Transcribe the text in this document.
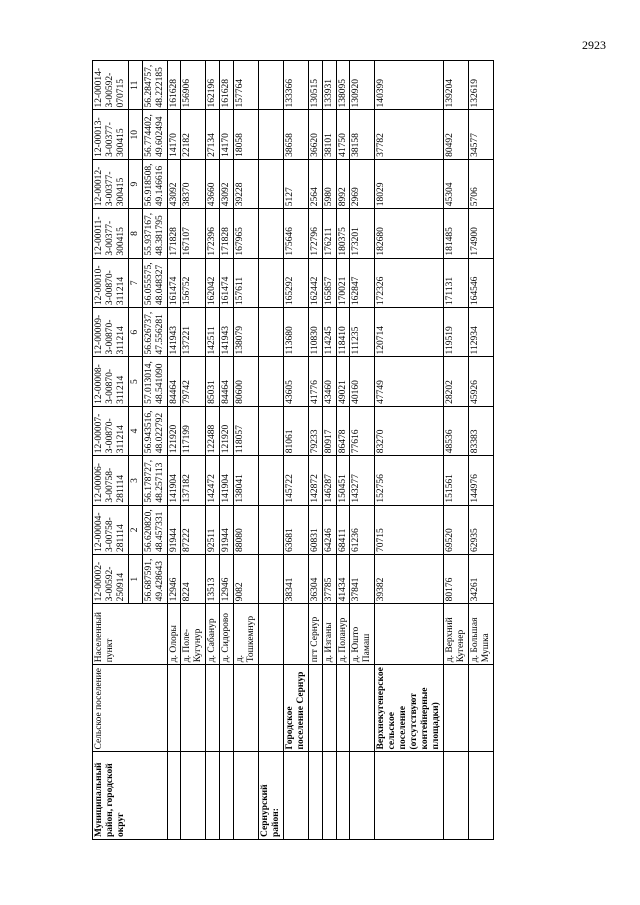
2923
Муниципальный район, городской округ	Сельское поселение	Населенный пункт	12-00002-З-00592-250914	12-00004-З-00758-281114	12-00006-З-00758-281114	12-00007-З-00870-311214	12-00008-З-00870-311214	12-00009-З-00870-311214	12-00010-З-00870-311214	12-00011-З-00377-300415	12-00012-З-00377-300415	12-00013-З-00377-300415	12-00014-З-00592-070715
			1	2	3	4	5	6	7	8	9	10	11
			56.687591, 49.428643	56.620820, 48.457331	56.178727, 48.257113	56.943516, 48.022792	57.013014, 48.541090	56.626737, 47.556281	56.055575, 48.048327	55.937167, 48.381795	56.918508, 49.146616	56.774402, 49.602494	56.284757, 48.222185
		д. Олоры	12946	91944	141904	121920	84464	141943	161474	171828	43092	14170	161628
		д. Поле-Кугунур	8224	87222	137182	117199	79742	137221	156752	167107	38370	22182	156906
		д. Сабанур	13513	92511	142472	122488	85031	142511	162042	172396	43660	27134	162196
		д. Сидорово	12946	91944	141904	121920	84464	141943	161474	171828	43092	14170	161628
		д. Тошкемнур	9082	88080	138041	118057	80600	138079	157611	167965	39228	18058	157764
Сернурский район:													
	Городское поселение Сернур		38341	63681	145722	81061	43605	113680	165292	175646	5127	38658	133366
		пгт Сернур	36304	60831	142872	79233	41776	110830	162442	172796	2564	36620	130515
		д. Изганы	37785	64246	146287	80917	43460	114245	165857	176211	5980	38101	133931
		д. Поланур	41434	68411	150451	86478	49021	118410	170021	180375	8992	41750	138095
		д. Юшто Памаш	37841	61236	143277	77616	40160	111235	162847	173201	2969	38158	130920
	Верхнекугенерское сельское поселение (отсутствуют контейнерные площадки)		39382	70715	152756	83270	47749	120714	172326	182680	18029	37782	140399
		д. Верхний Кугенер	80176	69520	151561	48536	28202	119519	171131	181485	45304	80492	139204
		д. Большая Мушка	34261	62935	144976	83383	45926	112934	164546	174900	5706	34577	132619
